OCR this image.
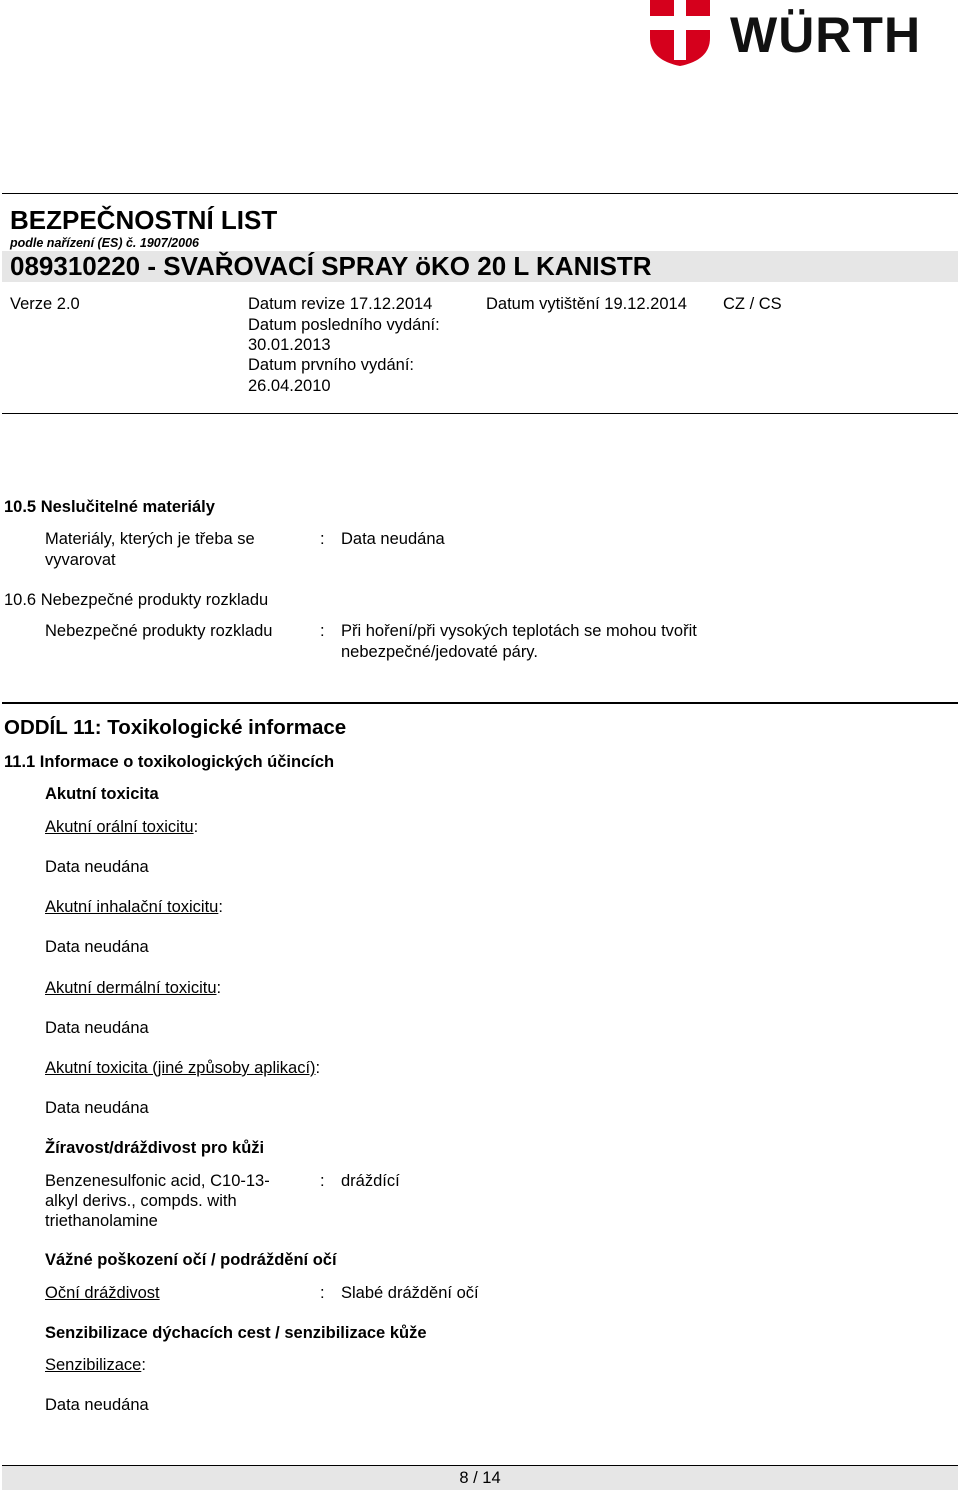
WÜRTH
BEZPEČNOSTNÍ LIST
podle nařízení (ES) č. 1907/2006
089310220 - SVAŘOVACÍ SPRAY öKO 20 L KANISTR
Verze 2.0	Datum revize 17.12.2014
Datum posledního vydání:
30.01.2013
Datum prvního vydání:
26.04.2010
Datum vytištění 19.12.2014 CZ / CS
10.5 Neslučitelné materiály
Materiály, kterých je třeba se
vyvarovat
: Data neudána
10.6 Nebezpečné produkty rozkladu
Nebezpečné produkty rozkladu	: Při hoření/při vysokých teplotách se mohou tvořit
nebezpečné/jedovaté páry.
ODDÍL 11: Toxikologické informace
11.1 Informace o toxikologických účincích
Akutní toxicita
Akutní orální toxicitu:
Data neudána
Akutní inhalační toxicitu:
Data neudána
Akutní dermální toxicitu:
Data neudána
Akutní toxicita (jiné způsoby aplikací):
Data neudána
Žíravost/dráždivost pro kůži
Benzenesulfonic acid, C10-13-
alkyl derivs., compds. with
triethanolamine
: dráždící
Vážné poškození očí / podráždění očí
Oční dráždivost	: Slabé dráždění očí
Senzibilizace dýchacích cest / senzibilizace kůže
Senzibilizace:
Data neudána
8 / 14
